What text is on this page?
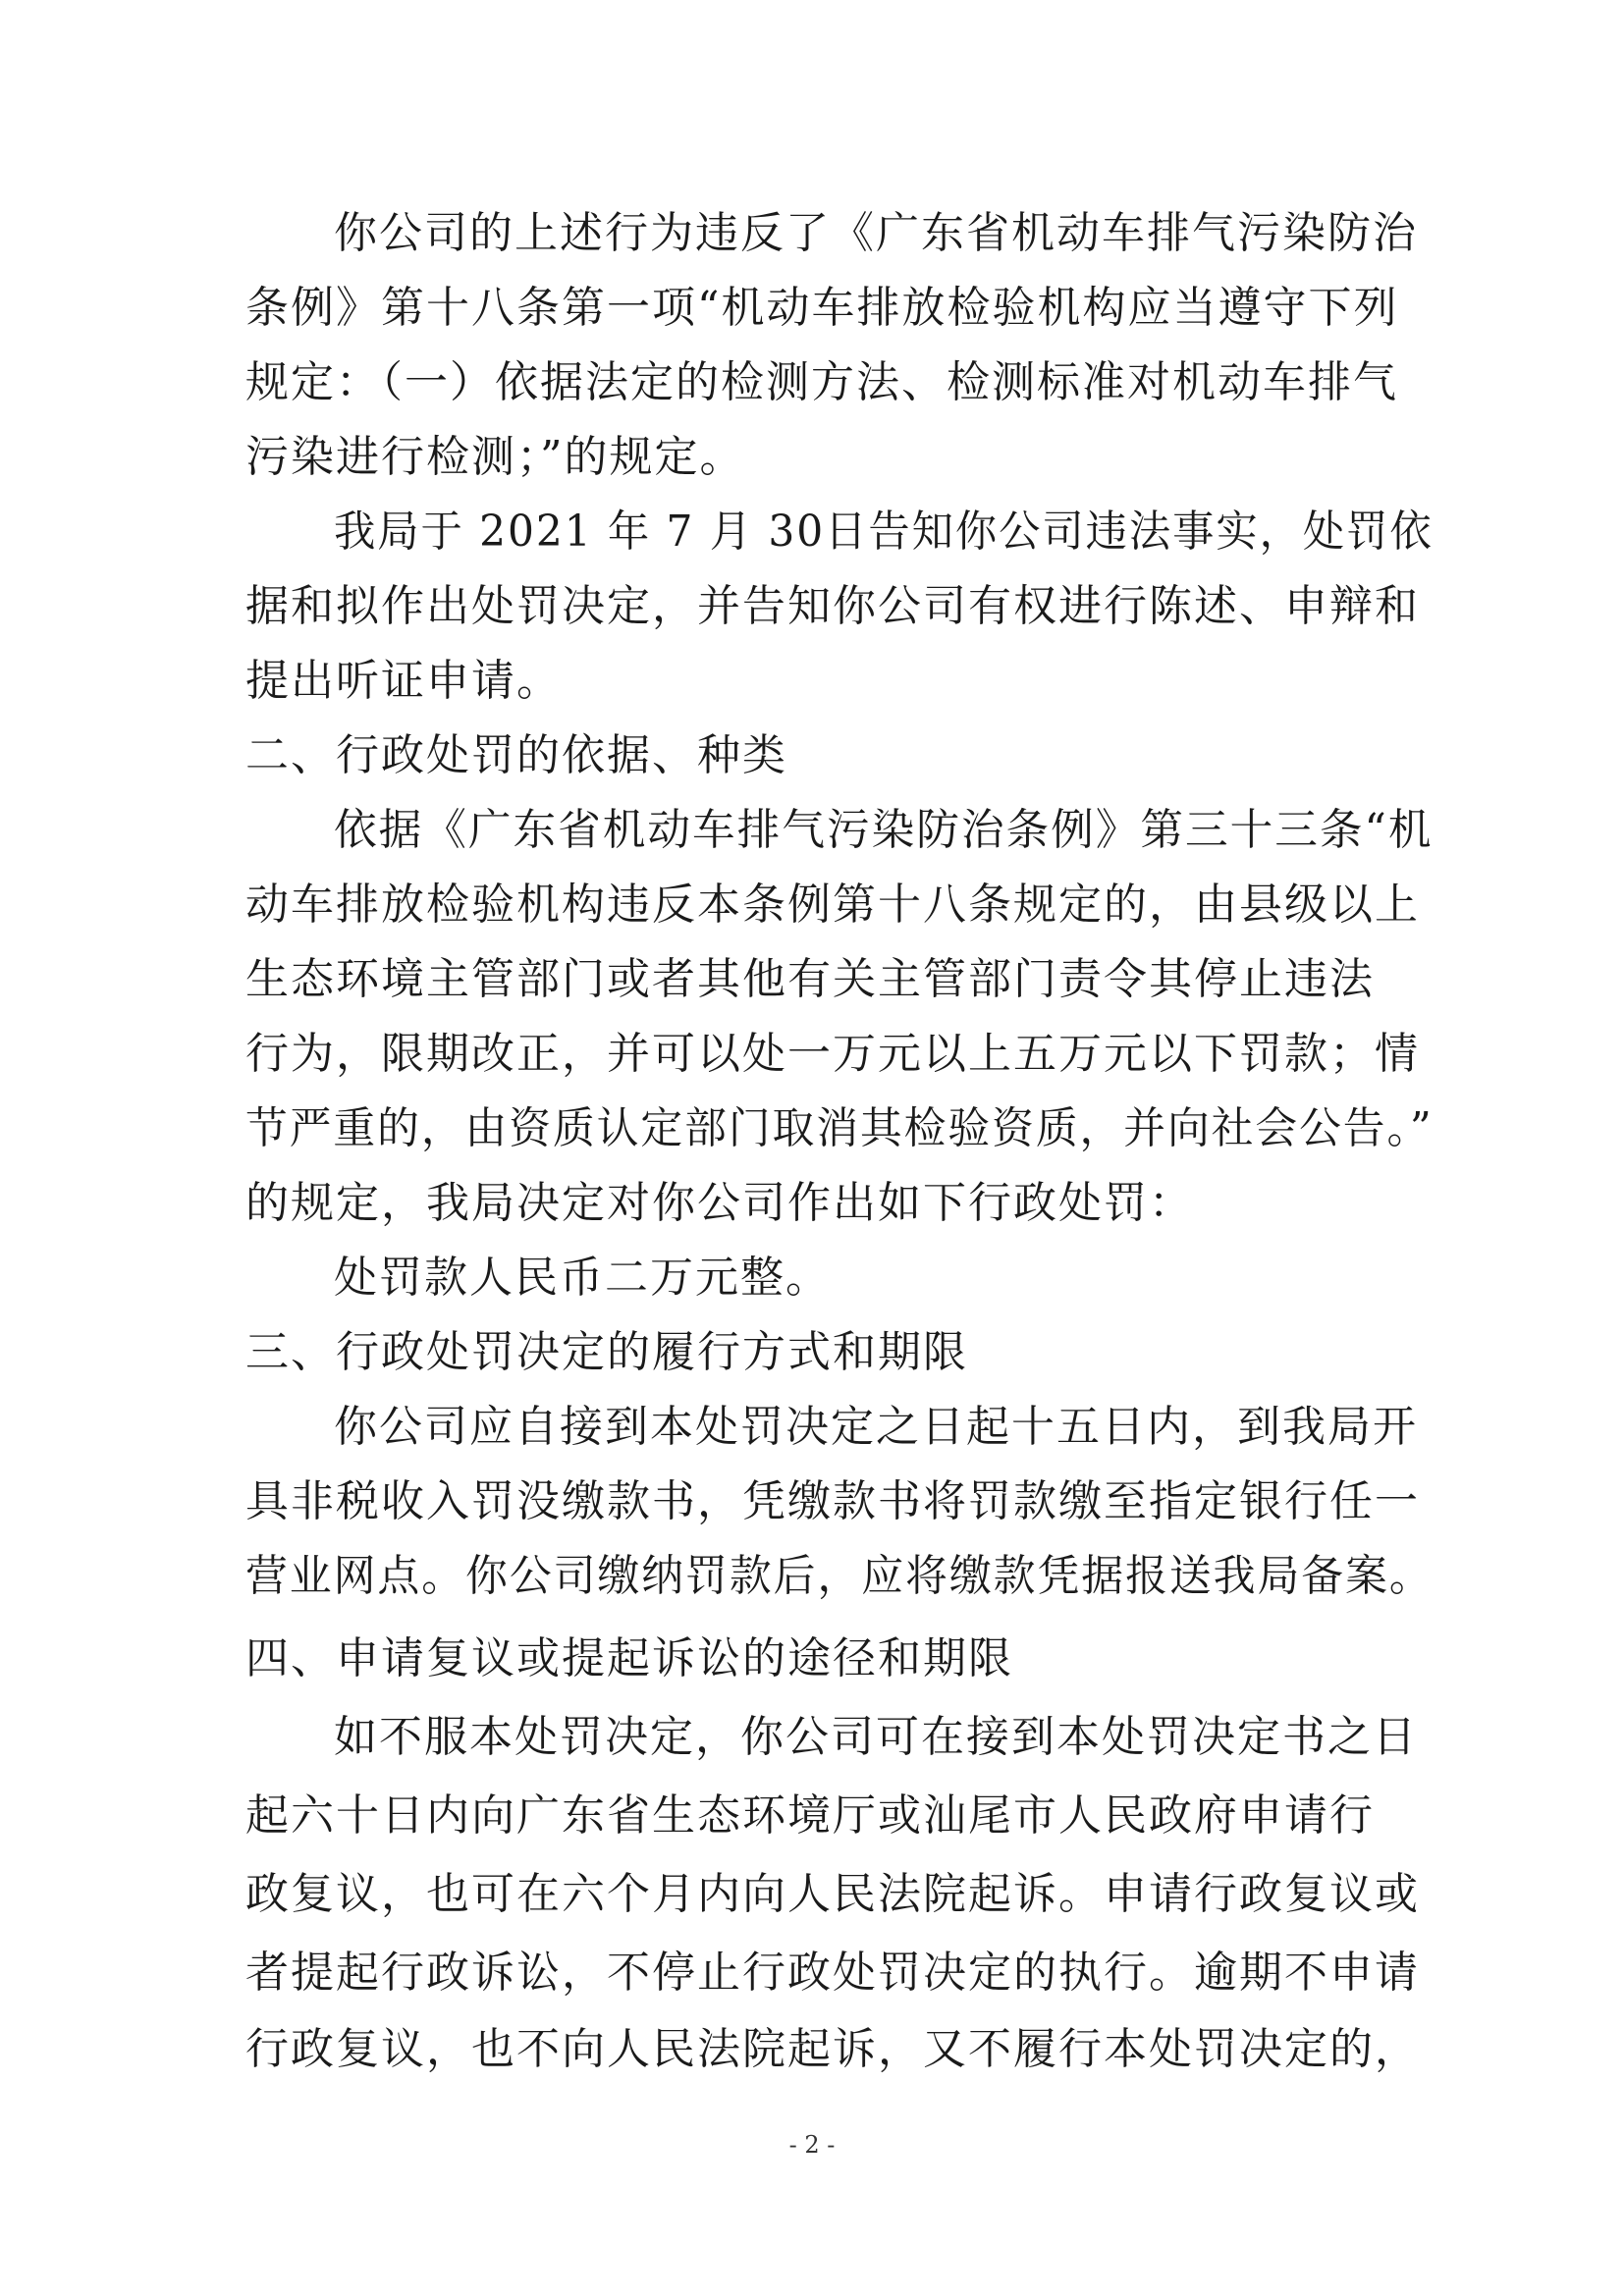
你公司的上述行为违反了《广东省机动车排气污染防治
条例》第十八条第一项“机动车排放检验机构应当遵守下列
规定：（一）依据法定的检测方法、检测标准对机动车排气
污染进行检测；”的规定。
我局于 2021 年 7 月 30日告知你公司违法事实，处罚依
据和拟作出处罚决定，并告知你公司有权进行陈述、申辩和
提出听证申请。
二、行政处罚的依据、种类
依据《广东省机动车排气污染防治条例》第三十三条“机
动车排放检验机构违反本条例第十八条规定的，由县级以上
生态环境主管部门或者其他有关主管部门责令其停止违法
行为，限期改正，并可以处一万元以上五万元以下罚款；情
节严重的，由资质认定部门取消其检验资质，并向社会公告。”
的规定，我局决定对你公司作出如下行政处罚：
处罚款人民币二万元整。
三、行政处罚决定的履行方式和期限
你公司应自接到本处罚决定之日起十五日内，到我局开
具非税收入罚没缴款书，凭缴款书将罚款缴至指定银行任一
营业网点。你公司缴纳罚款后，应将缴款凭据报送我局备案。
四、申请复议或提起诉讼的途径和期限
如不服本处罚决定，你公司可在接到本处罚决定书之日
起六十日内向广东省生态环境厅或汕尾市人民政府申请行
政复议，也可在六个月内向人民法院起诉。申请行政复议或
者提起行政诉讼，不停止行政处罚决定的执行。逾期不申请
行政复议，也不向人民法院起诉，又不履行本处罚决定的，
- 2 -
